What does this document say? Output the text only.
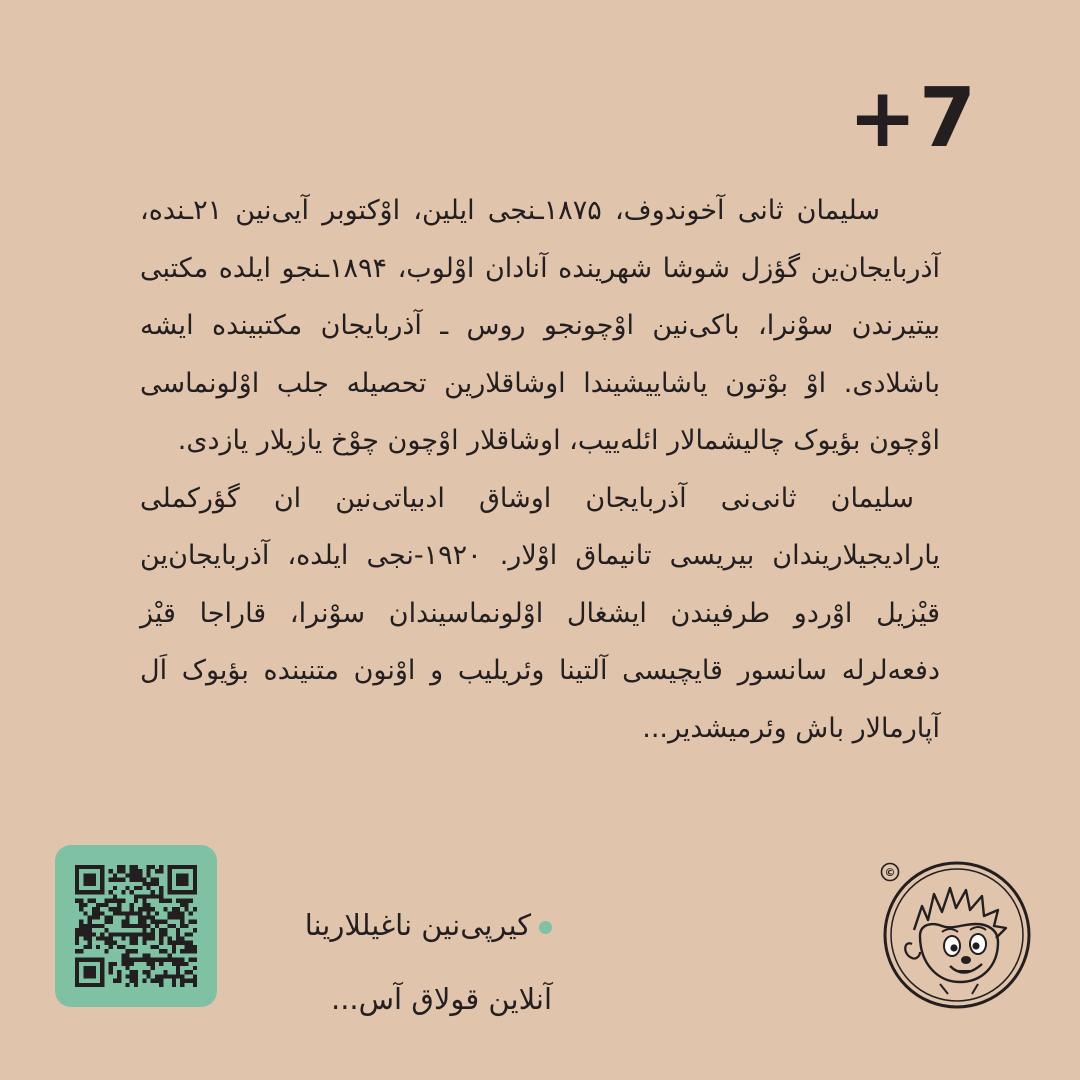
+7

سلیمان ثانی آخوندوف، ۱۸۷۵ـنجی ایلین، اوْکتوبر آیی‌نین ۲۱ـنده، آذربایجان‌ین گؤزل شوشا شهرینده آنادان اوْلوب، ۱۸۹۴ـنجو ایلده مکتبی بیتیرندن سوْنرا، باکی‌نین اوْچونجو روس ـ آذربایجان مکتبینده ایشه باشلادی. اوْ بوْتون یاشاییشیندا اوشاقلارین تحصیله جلب اوْلونماسی اوْچون بؤیوک چالیشمالار ائله‌ییب، اوشاقلار اوْچون چوْخ یازیلار یازدی.

سلیمان ثانی‌نی آذربایجان اوشاق ادبیاتی‌نین ان گؤرکملی یارادیجیلاریندان بیریسی تانیماق اوْلار. ۱۹۲۰-نجی ایلده، آذربایجان‌ین قیْزیل اوْردو طرفیندن ایشغال اوْلونماسیندان سوْنرا، قاراجا قیْز دفعه‌لرله سانسور قایچیسی آلتینا وئریلیب و اوْنون متنینده بؤیوک اَل آپارمالار باش وئرمیشدیر...

کیرپی‌نین ناغیللارینا
آنلاین قولاق آس...
©
